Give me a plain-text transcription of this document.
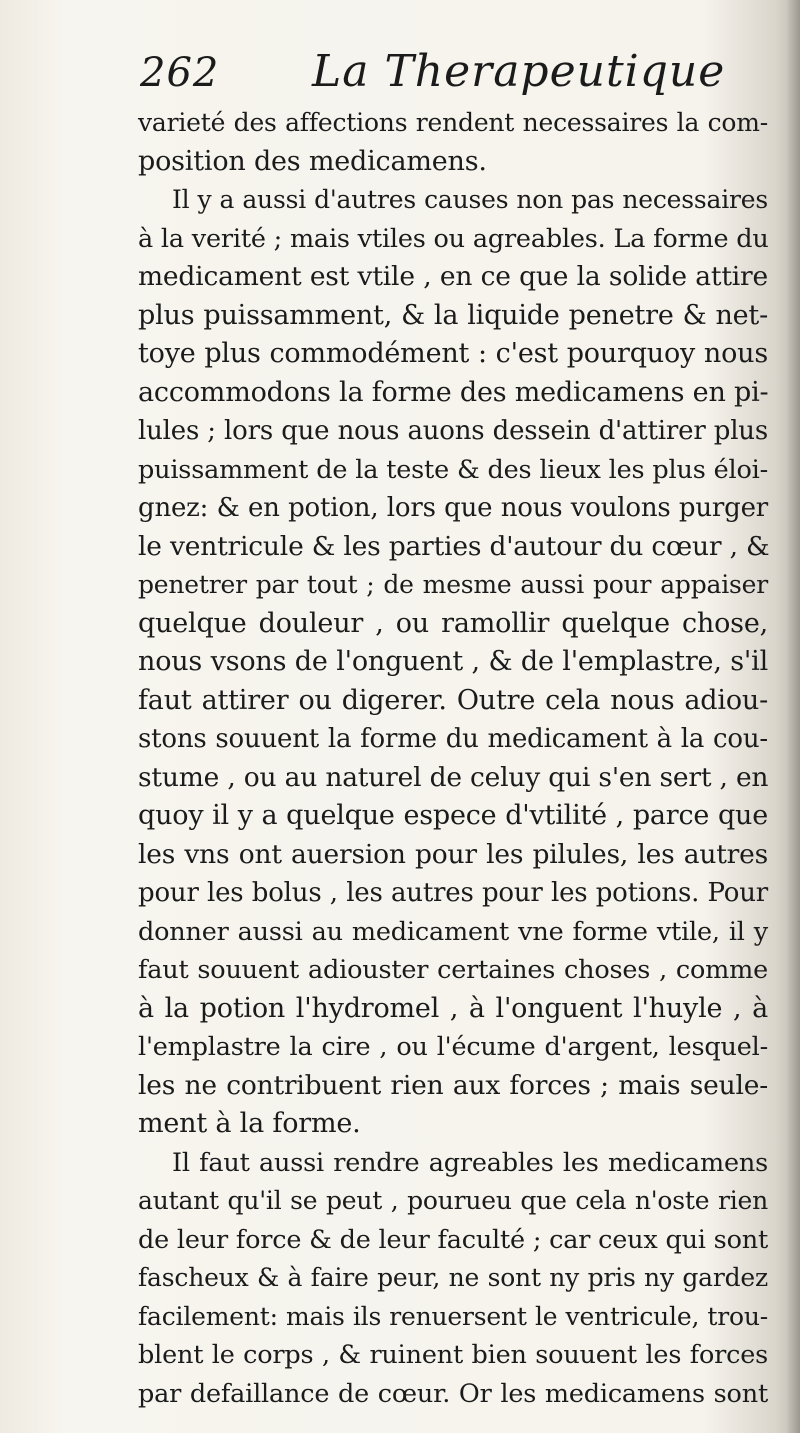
262 La Therapeutique
varieté des affections rendent necessaires la com-
position des medicamens.
Il y a aussi d'autres causes non pas necessaires
à la verité ; mais vtiles ou agreables. La forme du
medicament est vtile , en ce que la solide attire
plus puissamment, & la liquide penetre & net-
toye plus commodément : c'est pourquoy nous
accommodons la forme des medicamens en pi-
lules ; lors que nous auons dessein d'attirer plus
puissamment de la teste & des lieux les plus éloi-
gnez: & en potion, lors que nous voulons purger
le ventricule & les parties d'autour du cœur , &
penetrer par tout ; de mesme aussi pour appaiser
quelque douleur , ou ramollir quelque chose,
nous vsons de l'onguent , & de l'emplastre, s'il
faut attirer ou digerer. Outre cela nous adiou-
stons souuent la forme du medicament à la cou-
stume , ou au naturel de celuy qui s'en sert , en
quoy il y a quelque espece d'vtilité , parce que
les vns ont auersion pour les pilules, les autres
pour les bolus , les autres pour les potions. Pour
donner aussi au medicament vne forme vtile, il y
faut souuent adiouster certaines choses , comme
à la potion l'hydromel , à l'onguent l'huyle , à
l'emplastre la cire , ou l'écume d'argent, lesquel-
les ne contribuent rien aux forces ; mais seule-
ment à la forme.
Il faut aussi rendre agreables les medicamens
autant qu'il se peut , pourueu que cela n'oste rien
de leur force & de leur faculté ; car ceux qui sont
fascheux & à faire peur, ne sont ny pris ny gardez
facilement: mais ils renuersent le ventricule, trou-
blent le corps , & ruinent bien souuent les forces
par defaillance de cœur. Or les medicamens sont
